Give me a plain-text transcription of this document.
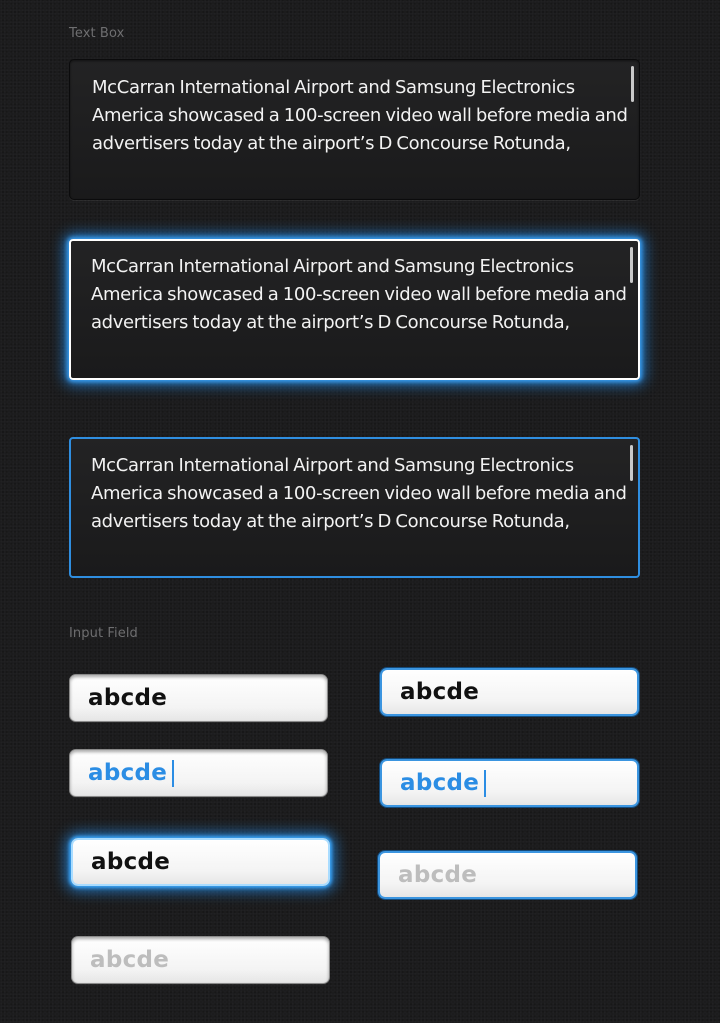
Text Box
McCarran International Airport and Samsung Electronics
America showcased a 100-screen video wall before media and
advertisers today at the airport’s D Concourse Rotunda,
McCarran International Airport and Samsung Electronics
America showcased a 100-screen video wall before media and
advertisers today at the airport’s D Concourse Rotunda,
McCarran International Airport and Samsung Electronics
America showcased a 100-screen video wall before media and
advertisers today at the airport’s D Concourse Rotunda,
Input Field
abcde
abcde
abcde
abcde
abcde
abcde
abcde
